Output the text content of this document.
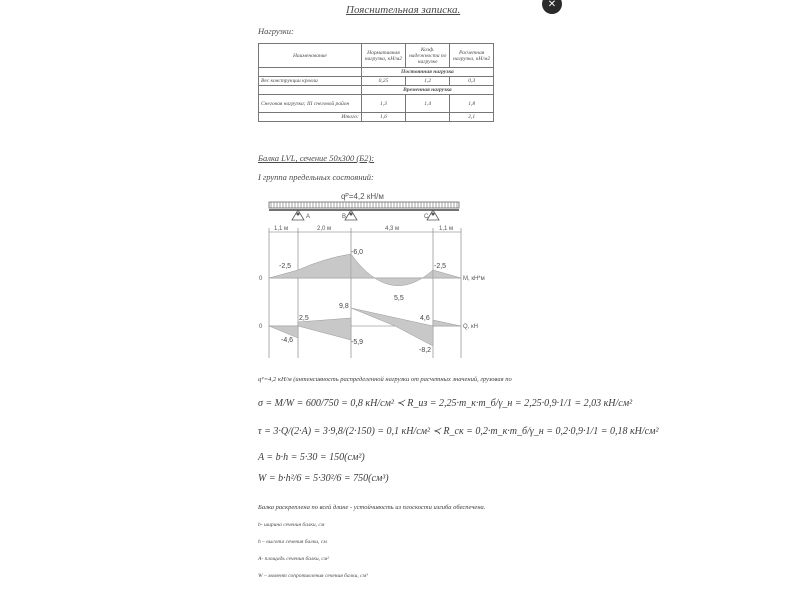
Пояснительная записка.	✕
Нагрузки:
Наименование	Нормативная нагрузка, кН/м2	Коэф. надежности по нагрузке	Расчетная нагрузка, кН/м2
	Постоянная нагрузка		
Вес конструкции кровли	0,25	1,2	0,3
	Временная нагрузка		
Снеговая нагрузка; III снеговой район	1,3	1,4	1,8
Итого:	1,6		2,1
Балка LVL, сечение 50х300 (Б2):
I группа предельных состояний:
qᴾ=4,2 кН/м
A	B	C
1,1 м	2,0 м	4,3 м	1,1 м
0
-2,5
-6,0
5,5
-2,5
M, кН*м
0
2,5
9,8
4,6
-4,6	-5,9
-8,2
Q, кН
qᴾ=4,2 кН/м (интенсивность распределенной нагрузки от расчетных значений, грузовая по
σ = M/W = 600/750 = 0,8 кН/см² ≺ R_из = 2,25·m_к·m_б/γ_н = 2,25·0,9·1/1 = 2,03 кН/см²
τ = 3·Q/(2·A) = 3·9,8/(2·150) = 0,1 кН/см² ≺ R_ск = 0,2·m_к·m_б/γ_н = 0,2·0,9·1/1 = 0,18 кН/см²
A = b·h = 5·30 = 150(см²)
W = b·h²/6 = 5·30²/6 = 750(см³)
Балка раскреплена по всей длине - устойчивость из плоскости изгиба обеспечена.
b- ширина сечения балки, см
h – высота сечения балки, см
A- площадь сечения балки, см²
W – момент сопротивления сечения балки, см³
